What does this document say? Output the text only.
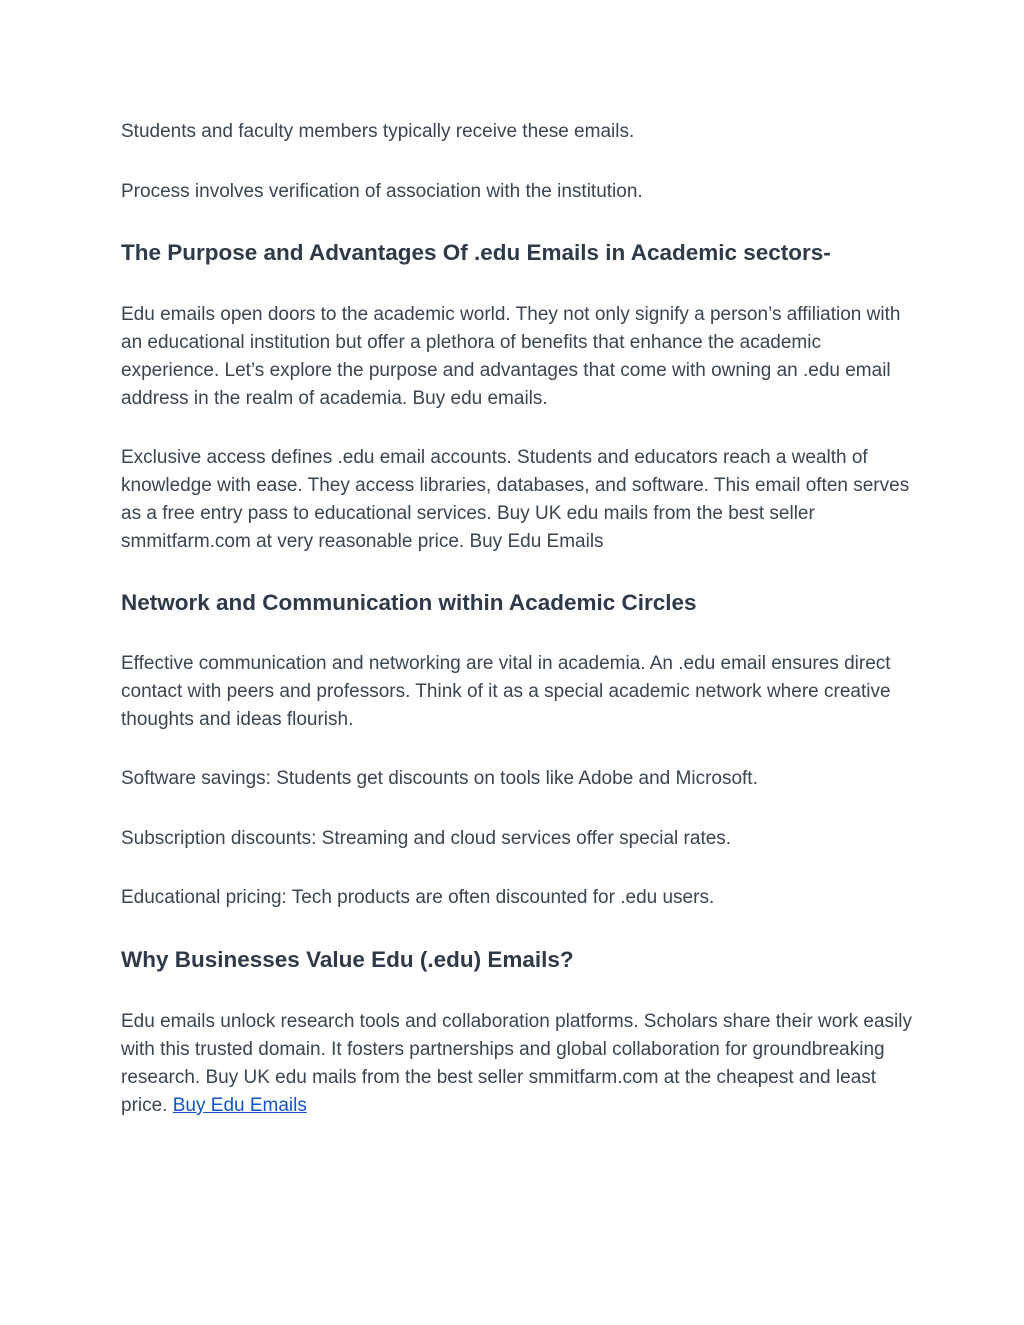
Students and faculty members typically receive these emails.

Process involves verification of association with the institution.

The Purpose and Advantages Of .edu Emails in Academic sectors-

Edu emails open doors to the academic world. They not only signify a person’s affiliation with an educational institution but offer a plethora of benefits that enhance the academic experience. Let’s explore the purpose and advantages that come with owning an .edu email address in the realm of academia. Buy edu emails.

Exclusive access defines .edu email accounts. Students and educators reach a wealth of knowledge with ease. They access libraries, databases, and software. This email often serves as a free entry pass to educational services. Buy UK edu mails from the best seller smmitfarm.com at very reasonable price. Buy Edu Emails

Network and Communication within Academic Circles

Effective communication and networking are vital in academia. An .edu email ensures direct contact with peers and professors. Think of it as a special academic network where creative thoughts and ideas flourish.

Software savings: Students get discounts on tools like Adobe and Microsoft.

Subscription discounts: Streaming and cloud services offer special rates.

Educational pricing: Tech products are often discounted for .edu users.

Why Businesses Value Edu (.edu) Emails?

Edu emails unlock research tools and collaboration platforms. Scholars share their work easily with this trusted domain. It fosters partnerships and global collaboration for groundbreaking research. Buy UK edu mails from the best seller smmitfarm.com at the cheapest and least price. Buy Edu Emails
